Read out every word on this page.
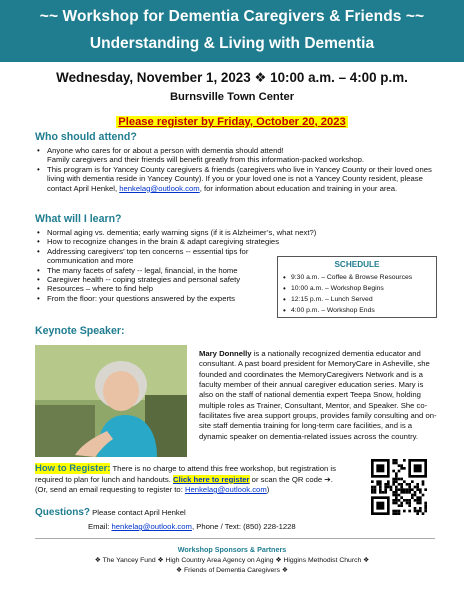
~~ Workshop for Dementia Caregivers & Friends ~~
Understanding & Living with Dementia
Wednesday, November 1, 2023 ❖ 10:00 a.m. – 4:00 p.m.
Burnsville Town Center
Please register by Friday, October 20, 2023
Who should attend?
• Anyone who cares for or about a person with dementia should attend!
Family caregivers and their friends will benefit greatly from this information-packed workshop.
• This program is for Yancey County caregivers & friends (caregivers who live in Yancey County or their loved ones living with dementia reside in Yancey County). If you or your loved one is not a Yancey County resident, please contact April Henkel, henkelag@outlook.com, for information about education and training in your area.
What will I learn?
• Normal aging vs. dementia; early warning signs (if it is Alzheimer’s, what next?)
• How to recognize changes in the brain & adapt caregiving strategies
• Addressing caregivers’ top ten concerns -- essential tips for communication and more
• The many facets of safety -- legal, financial, in the home
• Caregiver health -- coping strategies and personal safety
• Resources – where to find help
• From the floor: your questions answered by the experts
SCHEDULE
• 9:30 a.m. – Coffee & Browse Resources
• 10:00 a.m. – Workshop Begins
• 12:15 p.m. – Lunch Served
• 4:00 p.m. – Workshop Ends
Keynote Speaker:
Mary Donnelly is a nationally recognized dementia educator and consultant. A past board president for MemoryCare in Asheville, she founded and coordinates the MemoryCaregivers Network and is a faculty member of their annual caregiver education series. Mary is also on the staff of national dementia expert Teepa Snow, holding multiple roles as Trainer, Consultant, Mentor, and Speaker. She co-facilitates five area support groups, provides family consulting and on-site staff dementia training for long-term care facilities, and is a dynamic speaker on dementia-related issues across the country.
How to Register: There is no charge to attend this free workshop, but registration is required to plan for lunch and handouts. Click here to register or scan the QR code ➔.
(Or, send an email requesting to register to: Henkelag@outlook.com)
Questions? Please contact April Henkel
Email: henkelag@outlook.com, Phone / Text: (850) 228-1228
Workshop Sponsors & Partners
❖ The Yancey Fund ❖ High Country Area Agency on Aging ❖ Higgins Methodist Church ❖
❖ Friends of Dementia Caregivers ❖
